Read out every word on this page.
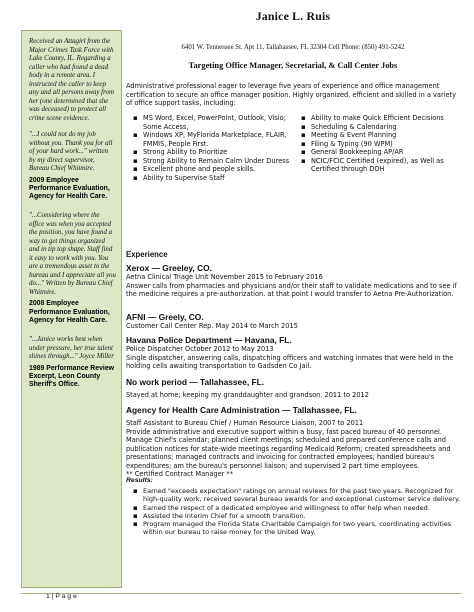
Received an Attagirl from the Major Crimes Task Force with Lake County, IL. Regarding a caller who had found a dead body in a remote area. I instructed the caller to keep any and all persons away from her (one determined that she was deceased) to protect all crime scene evidence.

"...I could not do my job without you. Thank you for all of your hard work..." written by my direct supervisor, Bureau Chief Whitmire.

2009 Employee Performance Evaluation, Agency for Health Care.

"...Considering where the office was when you accepted the position, you have found a way to get things organized and in tip top shape. Staff find it easy to work with you. You are a tremendous asset to the bureau and I appreciate all you do..." Written by Bureau Chief Whitmire.

2008 Employee Performance Evaluation, Agency for Health Care.

"...Janice works best when under pressure, her true talent shines through..." Joyce Miller

1989 Performance Review Excerpt, Leon County Sheriff's Office.

Janice L. Ruis

6401 W. Tennessee St. Apt 11, Tallahassee, FL 32304 Cell Phone: (850) 491-5242

Targeting Office Manager, Secretarial, & Call Center Jobs

Administrative professional eager to leverage five years of experience and office management certification to secure an office manager position. Highly organized, efficient and skilled in a variety of office support tasks, including:

▪ MS Word, Excel, PowerPoint, Outlook, Visio; Some Access,
▪ Windows XP, MyFlorida Marketplace, FLAIR, FMMIS, People First.
▪ Strong Ability to Prioritize
▪ Strong Ability to Remain Calm Under Duress
▪ Excellent phone and people skills.
▪ Ability to Supervise Staff
▪ Ability to make Quick Efficient Decisions
▪ Scheduling & Calendaring
▪ Meeting & Event Planning
▪ Filing & Typing (90 WPM)
▪ General Bookkeeping AP/AR
▪ NCIC/FCIC Certified (expired), as Well as Certified through DOH
Experience
Xerox — Greeley, CO.

Aetna Clinical Triage Unit November 2015 to February 2016

Answer calls from pharmacies and physicians and/or their staff to validate medications and to see if the medicine requires a pre-authorization. at that point I would transfer to Aetna Pre-Authorization.

AFNI — Greely, CO.

Customer Call Center Rep. May 2014 to March 2015

Havana Police Department — Havana, FL.

Police Dispatcher October 2012 to May 2013

Single dispatcher, answering calls, dispatching officers and watching inmates that were held in the holding cells awaiting transportation to Gadsden Co Jail.

No work period — Tallahassee, FL.

Stayed at home; keeping my granddaughter and grandson. 2011 to 2012

Agency for Health Care Administration — Tallahassee, FL.

Staff Assistant to Bureau Chief / Human Resource Liaison, 2007 to 2011

Provide administrative and executive support within a busy, fast paced bureau of 40 personnel. Manage Chief's calendar; planned client meetings; scheduled and prepared conference calls and publication notices for state-wide meetings regarding Medicaid Reform; created spreadsheets and presentations; managed contracts and invoicing for contracted employees; handled bureau's expenditures; am the bureau's personnel liaison; and supervised 2 part time employees.

** Certified Contract Manager **

Results:

▪ Earned "exceeds expectation" ratings on annual reviews for the past two years. Recognized for high-quality work, received several bureau awards for and exceptional customer service delivery.
▪ Earned the respect of a dedicated employee and willingness to offer help when needed.
▪ Assisted the Interim Chief for a smooth transition.
▪ Program managed the Florida State Charitable Campaign for two years, coordinating activities within our bureau to raise money for the United Way.
1 | P a g e
